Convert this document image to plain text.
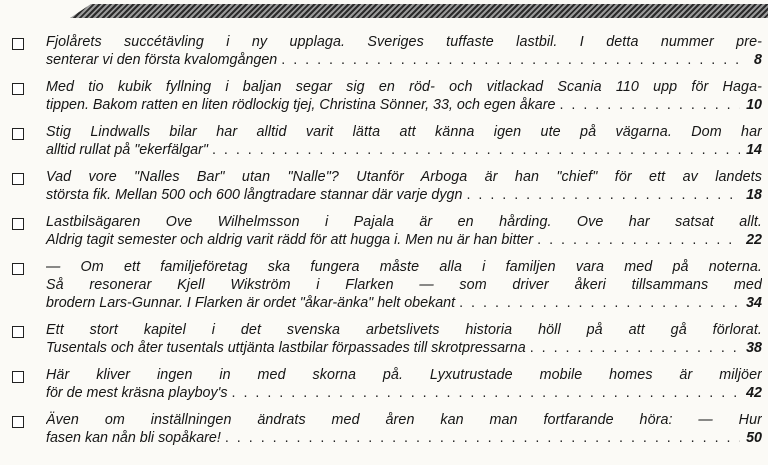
Fjolårets succétävling i ny upplaga. Sveriges tuffaste lastbil. I detta nummer pre-
senterar vi den första kvalomgången . . .	8
Med tio kubik fyllning i baljan segar sig en röd- och vitlackad Scania 110 upp för Haga-
tippen. Bakom ratten en liten rödlockig tjej, Christina Sönner, 33, och egen åkare . . .	10
Stig Lindwalls bilar har alltid varit lätta att känna igen ute på vägarna. Dom har
alltid rullat på "ekerfälgar" . . .	14
Vad vore "Nalles Bar" utan "Nalle"? Utanför Arboga är han "chief" för ett av landets
största fik. Mellan 500 och 600 långtradare stannar där varje dygn . . .	18
Lastbilsägaren Ove Wilhelmsson i Pajala är en hårding. Ove har satsat allt.
Aldrig tagit semester och aldrig varit rädd för att hugga i. Men nu är han bitter . . .	22
— Om ett familjeföretag ska fungera måste alla i familjen vara med på noterna.
Så resonerar Kjell Wikström i Flarken — som driver åkeri tillsammans med
brodern Lars-Gunnar. I Flarken är ordet "åkar-änka" helt obekant . . .	34
Ett stort kapitel i det svenska arbetslivets historia höll på att gå förlorat.
Tusentals och åter tusentals uttjänta lastbilar förpassades till skrotpressarna . . .	38
Här kliver ingen in med skorna på. Lyxutrustade mobile homes är miljöer
för de mest kräsna playboy's . . .	42
Även om inställningen ändrats med åren kan man fortfarande höra: — Hur
fasen kan nån bli sopåkare! . . .	50
